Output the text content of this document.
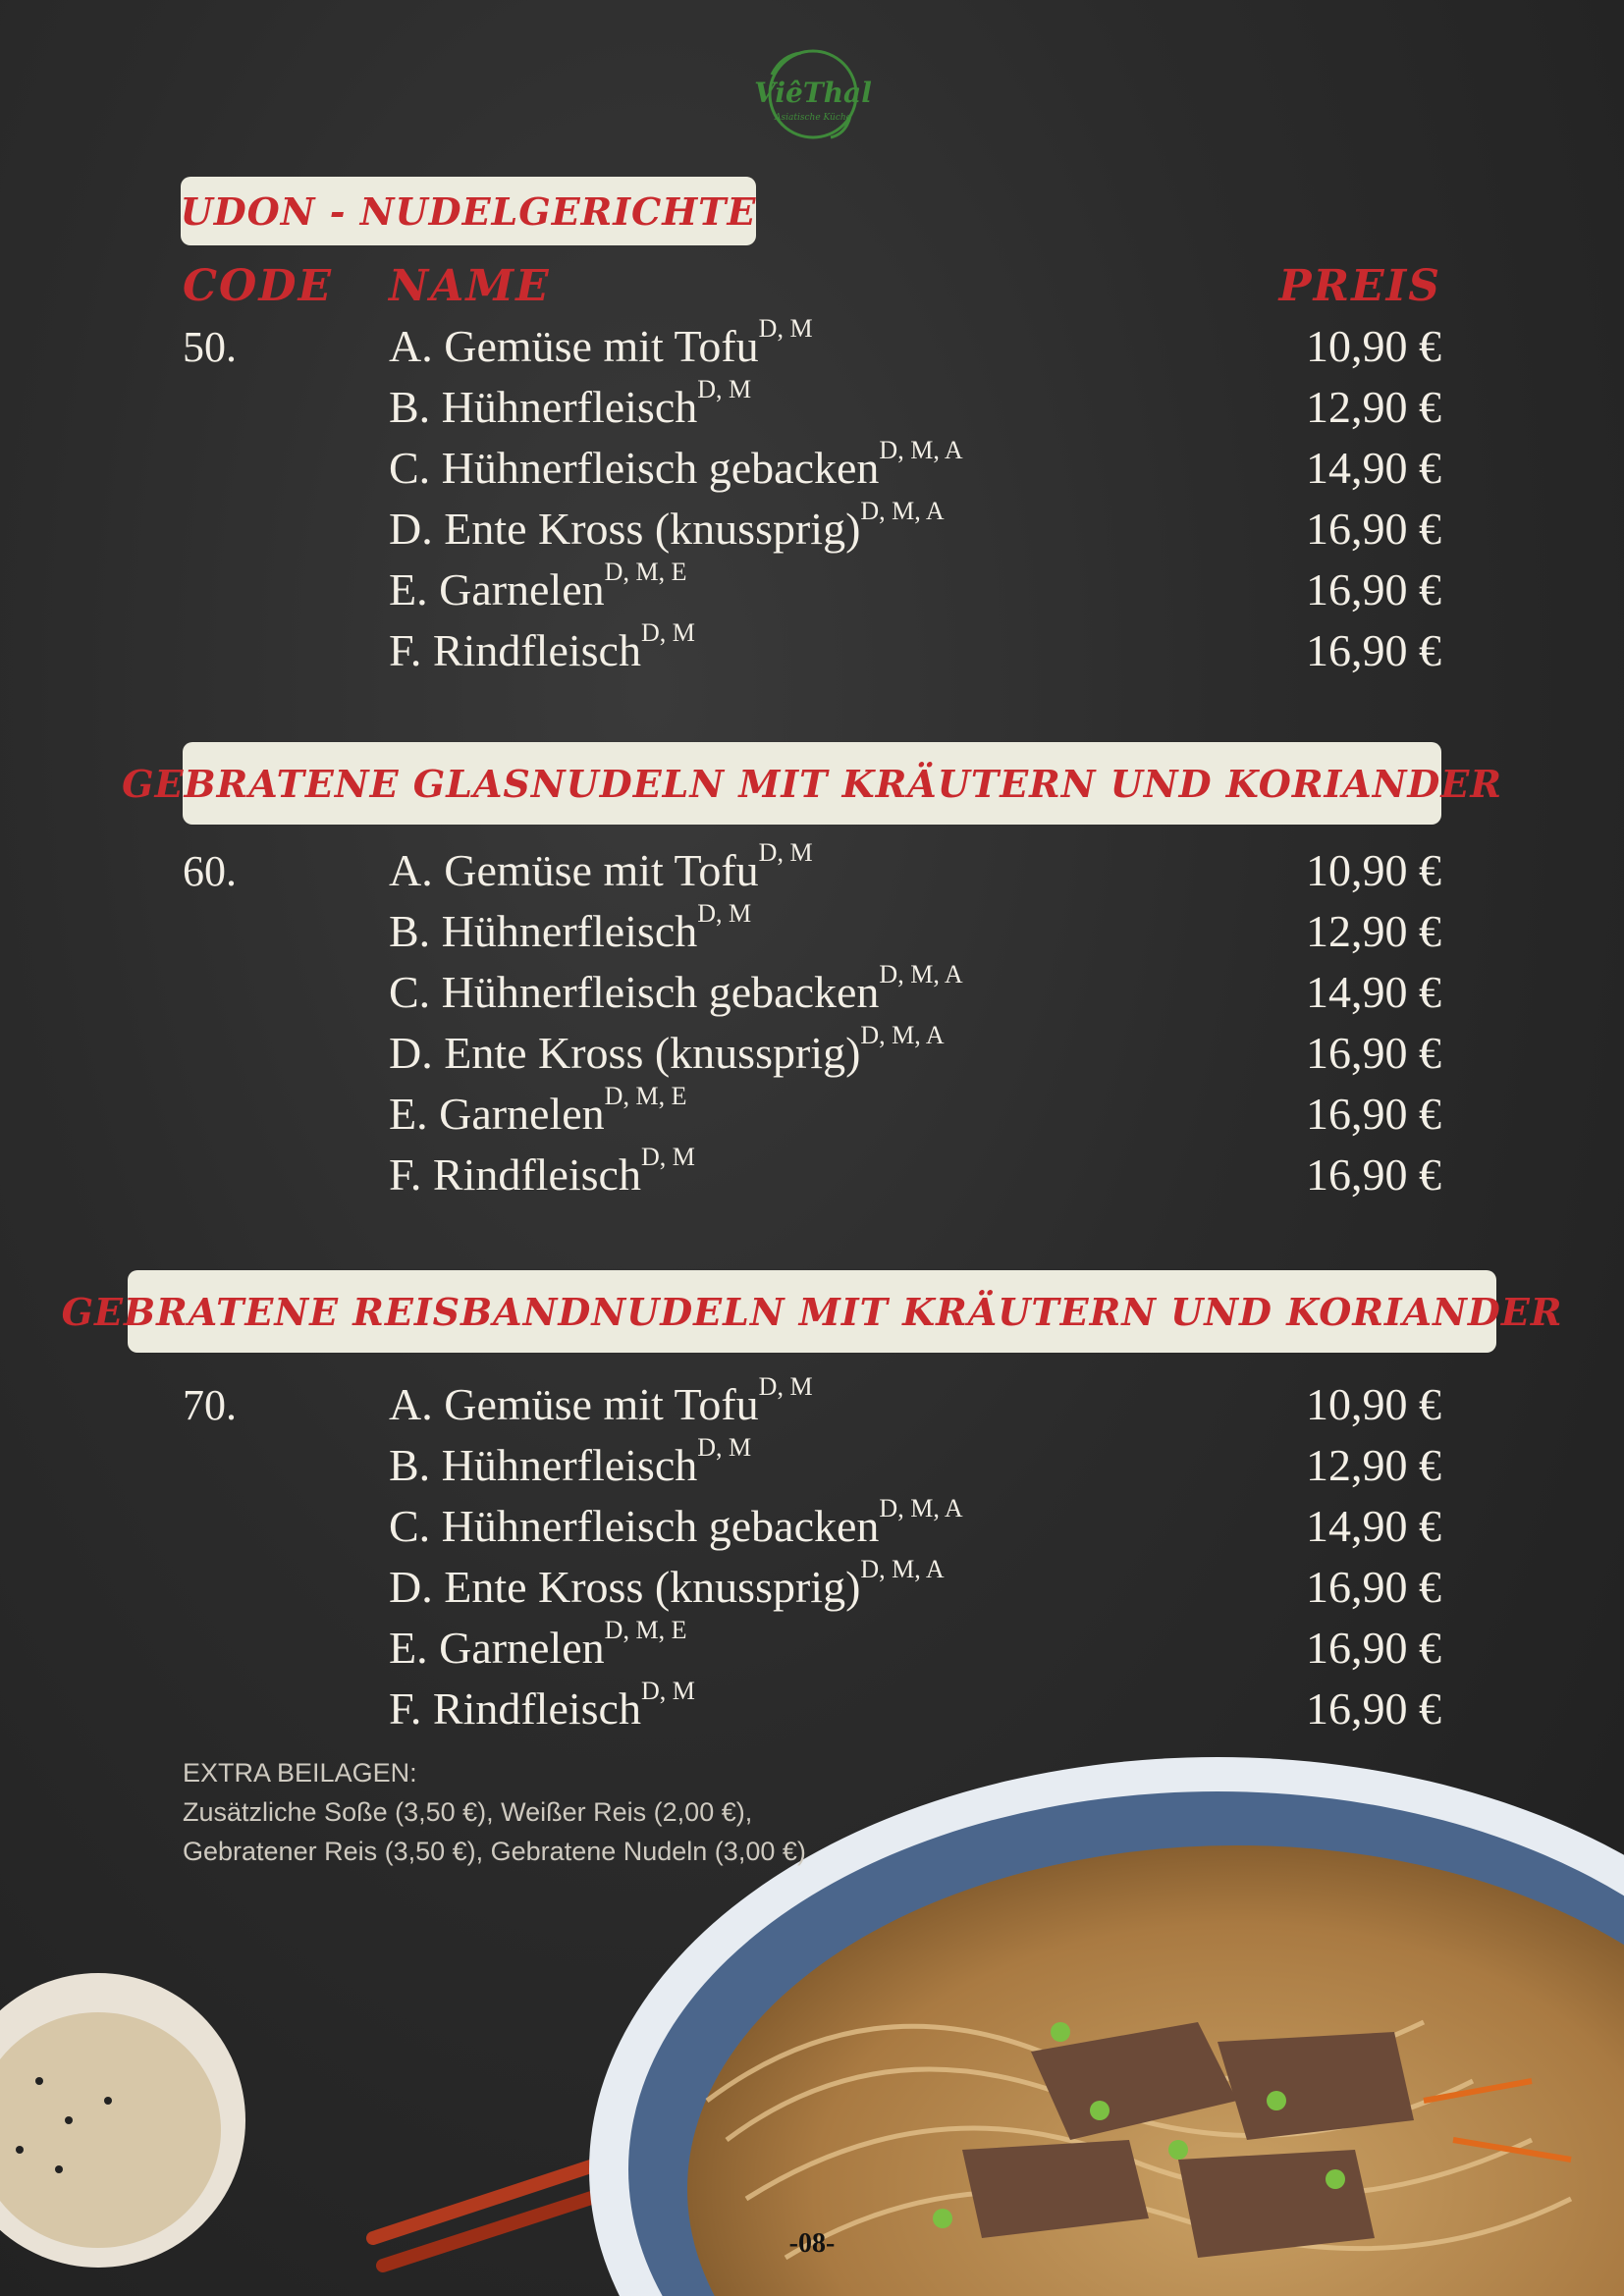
ViêThal
Asiatische Küche
UDON - NUDELGERICHTE
CODE NAME	PREIS
50.	A. Gemüse mit Tofu$^{D, M}$	10,90 €
B. Hühnerfleisch$^{D, M}$	12,90 €
C. Hühnerfleisch gebacken$^{D, M, A}$	14,90 €
D. Ente Kross (knussprig)$^{D, M, A}$	16,90 €
E. Garnelen$^{D, M, E}$	16,90 €
F. Rindfleisch$^{D, M}$	16,90 €
GEBRATENE GLASNUDELN MIT KRÄUTERN UND KORIANDER
60.	A. Gemüse mit Tofu$^{D, M}$	10,90 €
B. Hühnerfleisch$^{D, M}$	12,90 €
C. Hühnerfleisch gebacken$^{D, M, A}$	14,90 €
D. Ente Kross (knussprig)$^{D, M, A}$	16,90 €
E. Garnelen$^{D, M, E}$	16,90 €
F. Rindfleisch$^{D, M}$	16,90 €
GEBRATENE REISBANDNUDELN MIT KRÄUTERN UND KORIANDER
70.	A. Gemüse mit Tofu$^{D, M}$	10,90 €
B. Hühnerfleisch$^{D, M}$	12,90 €
C. Hühnerfleisch gebacken$^{D, M, A}$	14,90 €
D. Ente Kross (knussprig)$^{D, M, A}$	16,90 €
E. Garnelen$^{D, M, E}$	16,90 €
F. Rindfleisch$^{D, M}$	16,90 €
EXTRA BEILAGEN:
Zusätzliche Soße (3,50 €), Weißer Reis (2,00 €),
Gebratener Reis (3,50 €), Gebratene Nudeln (3,00 €)
-08-
